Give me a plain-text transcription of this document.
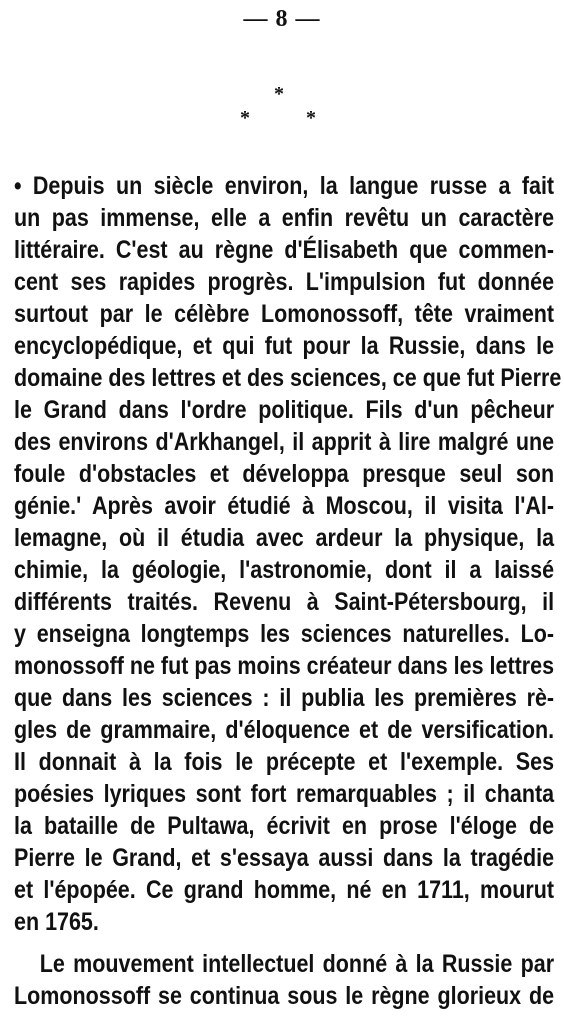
— 8 —
*
*	*
• Depuis un siècle environ, la langue russe a fait
un pas immense, elle a enfin revêtu un caractère
littéraire. C'est au règne d'Élisabeth que commen-
cent ses rapides progrès. L'impulsion fut donnée
surtout par le célèbre Lomonossoff, tête vraiment
encyclopédique, et qui fut pour la Russie, dans le
domaine des lettres et des sciences, ce que fut Pierre
le Grand dans l'ordre politique. Fils d'un pêcheur
des environs d'Arkhangel, il apprit à lire malgré une
foule d'obstacles et développa presque seul son
génie.' Après avoir étudié à Moscou, il visita l'Al-
lemagne, où il étudia avec ardeur la physique, la
chimie, la géologie, l'astronomie, dont il a laissé
différents traités. Revenu à Saint-Pétersbourg, il
y enseigna longtemps les sciences naturelles. Lo-
monossoff ne fut pas moins créateur dans les lettres
que dans les sciences : il publia les premières rè-
gles de grammaire, d'éloquence et de versification.
Il donnait à la fois le précepte et l'exemple. Ses
poésies lyriques sont fort remarquables ; il chanta
la bataille de Pultawa, écrivit en prose l'éloge de
Pierre le Grand, et s'essaya aussi dans la tragédie
et l'épopée. Ce grand homme, né en 1711, mourut
en 1765.
Le mouvement intellectuel donné à la Russie par
Lomonossoff se continua sous le règne glorieux de
